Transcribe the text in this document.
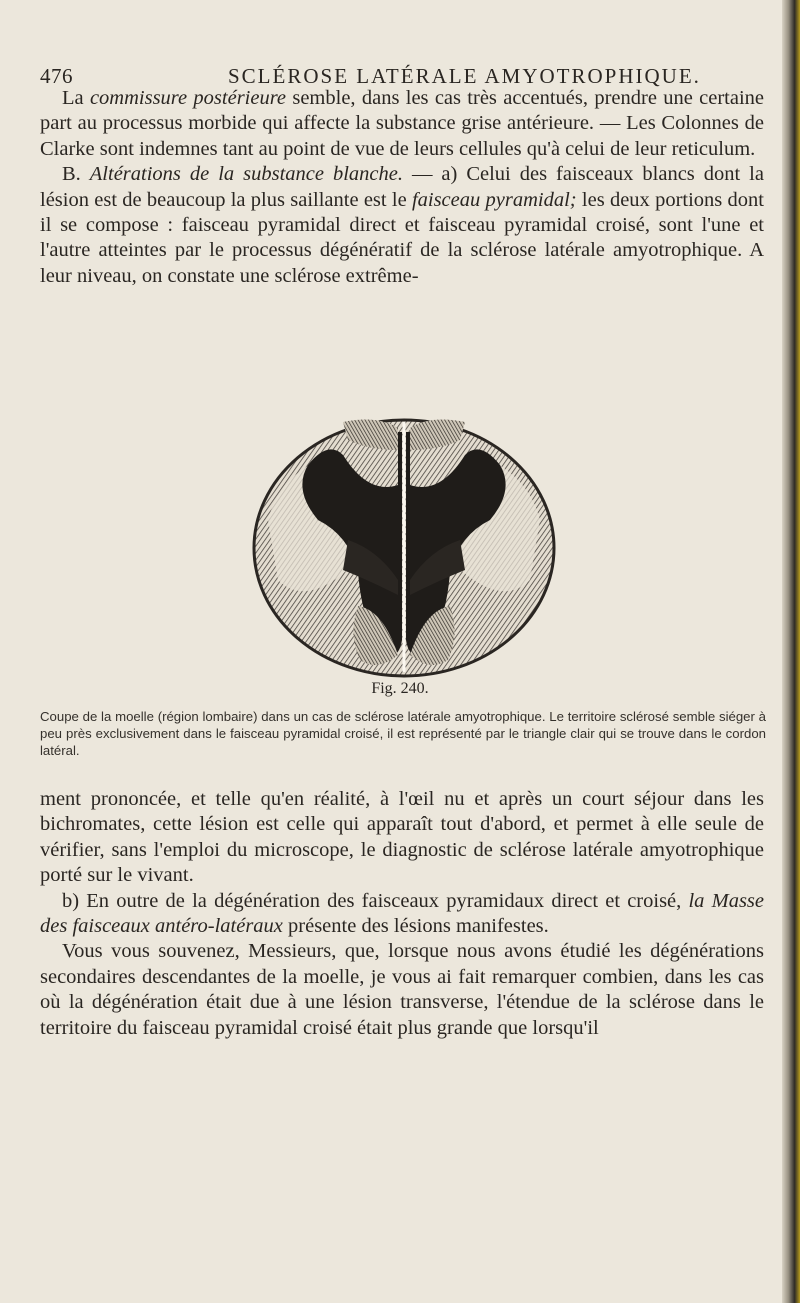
476	SCLÉROSE LATÉRALE AMYOTROPHIQUE.

La commissure postérieure semble, dans les cas très accentués, prendre une certaine part au processus morbide qui affecte la substance grise antérieure. — Les Colonnes de Clarke sont indemnes tant au point de vue de leurs cellules qu'à celui de leur reticulum.

B. Altérations de la substance blanche. — a) Celui des faisceaux blancs dont la lésion est de beaucoup la plus saillante est le faisceau pyramidal; les deux portions dont il se compose : faisceau pyramidal direct et faisceau pyramidal croisé, sont l'une et l'autre atteintes par le processus dégénératif de la sclérose latérale amyotrophique. A leur niveau, on constate une sclérose extrême-

Fig. 240.
Coupe de la moelle (région lombaire) dans un cas de sclérose latérale amyotrophique. Le territoire sclérosé semble siéger à peu près exclusivement dans le faisceau pyramidal croisé, il est représenté par le triangle clair qui se trouve dans le cordon latéral.

ment prononcée, et telle qu'en réalité, à l'œil nu et après un court séjour dans les bichromates, cette lésion est celle qui apparaît tout d'abord, et permet à elle seule de vérifier, sans l'emploi du microscope, le diagnostic de sclérose latérale amyotrophique porté sur le vivant.

b) En outre de la dégénération des faisceaux pyramidaux direct et croisé, la Masse des faisceaux antéro-latéraux présente des lésions manifestes.

Vous vous souvenez, Messieurs, que, lorsque nous avons étudié les dégénérations secondaires descendantes de la moelle, je vous ai fait remarquer combien, dans les cas où la dégénération était due à une lésion transverse, l'étendue de la sclérose dans le territoire du faisceau pyramidal croisé était plus grande que lorsqu'il
